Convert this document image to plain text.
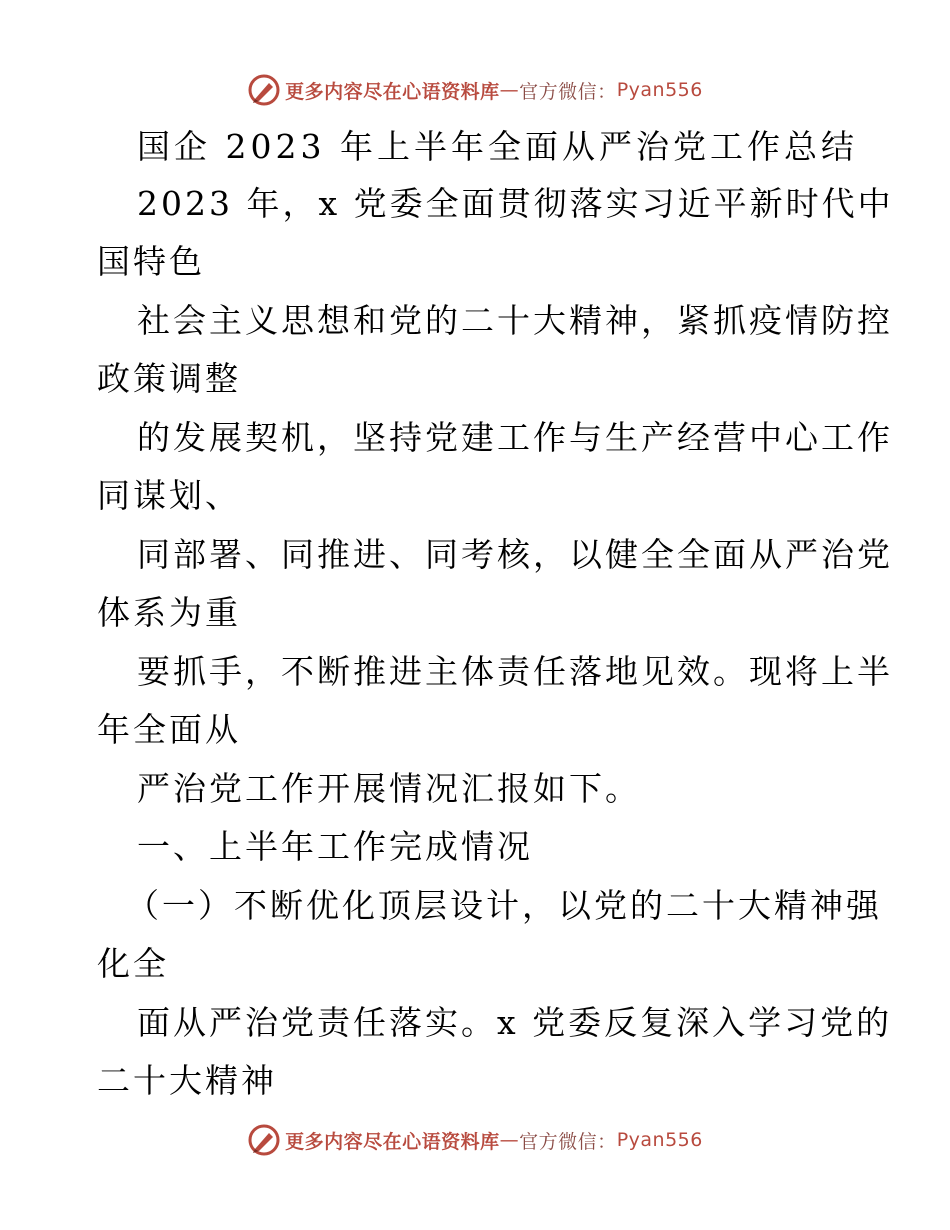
更多内容尽在心语资料库 — 官方微信： Pyan556
国企 2023 年上半年全面从严治党工作总结
2023 年，x 党委全面贯彻落实习近平新时代中
国特色
社会主义思想和党的二十大精神，紧抓疫情防控
政策调整
的发展契机，坚持党建工作与生产经营中心工作
同谋划、
同部署、同推进、同考核，以健全全面从严治党
体系为重
要抓手，不断推进主体责任落地见效。现将上半
年全面从
严治党工作开展情况汇报如下。
一、上半年工作完成情况
（一）不断优化顶层设计，以党的二十大精神强
化全
面从严治党责任落实。x 党委反复深入学习党的
二十大精神
更多内容尽在心语资料库 — 官方微信： Pyan556
